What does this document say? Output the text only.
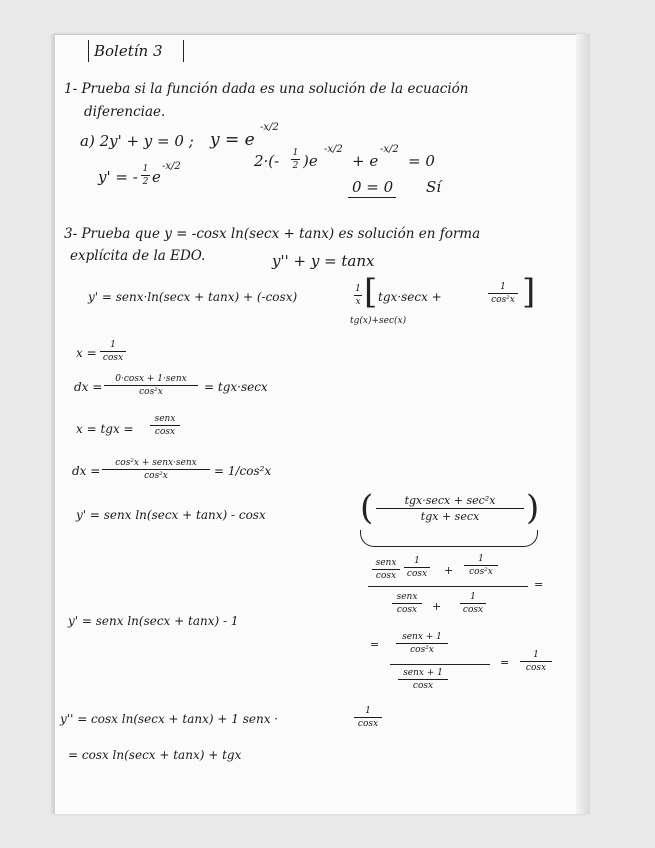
Boletín 3
1- Prueba si la función dada es una solución de la ecuación
diferenciae.
a) 2y' + y = 0 ; y = e
-x/2
y' = - 1
2 e
-x/2	2·(- 1
2 )e
-x/2
+ e
-x/2
= 0
0 = 0 Sí
3- Prueba que y = -cosx ln(secx + tanx) es solución en forma
explícita de la EDO.	y'' + y = tanx
y' = senx·ln(secx + tanx) + (-cosx)
1
x [ tgx·secx +
1
cos²x ]
tg(x)+sec(x)
x =
1
cosx
dx =
0·cosx + 1·senx
cos²x	= tgx·secx
x = tgx =
senx
cosx
dx =
cos²x + senx·senx
cos²x	= 1/cos²x
y' = senx ln(secx + tanx) - cosx	(	tgx·secx + sec²x
tgx + secx	)
senx
cosx
1
cosx +
1
cos²x
=
senx
cosx	+
1
cosx
y' = senx ln(secx + tanx) - 1
=
senx + 1
cos²x
senx + 1
cosx
=
1
cosx
y'' = cosx ln(secx + tanx) + 1 senx ·
1
cosx
= cosx ln(secx + tanx) + tgx
